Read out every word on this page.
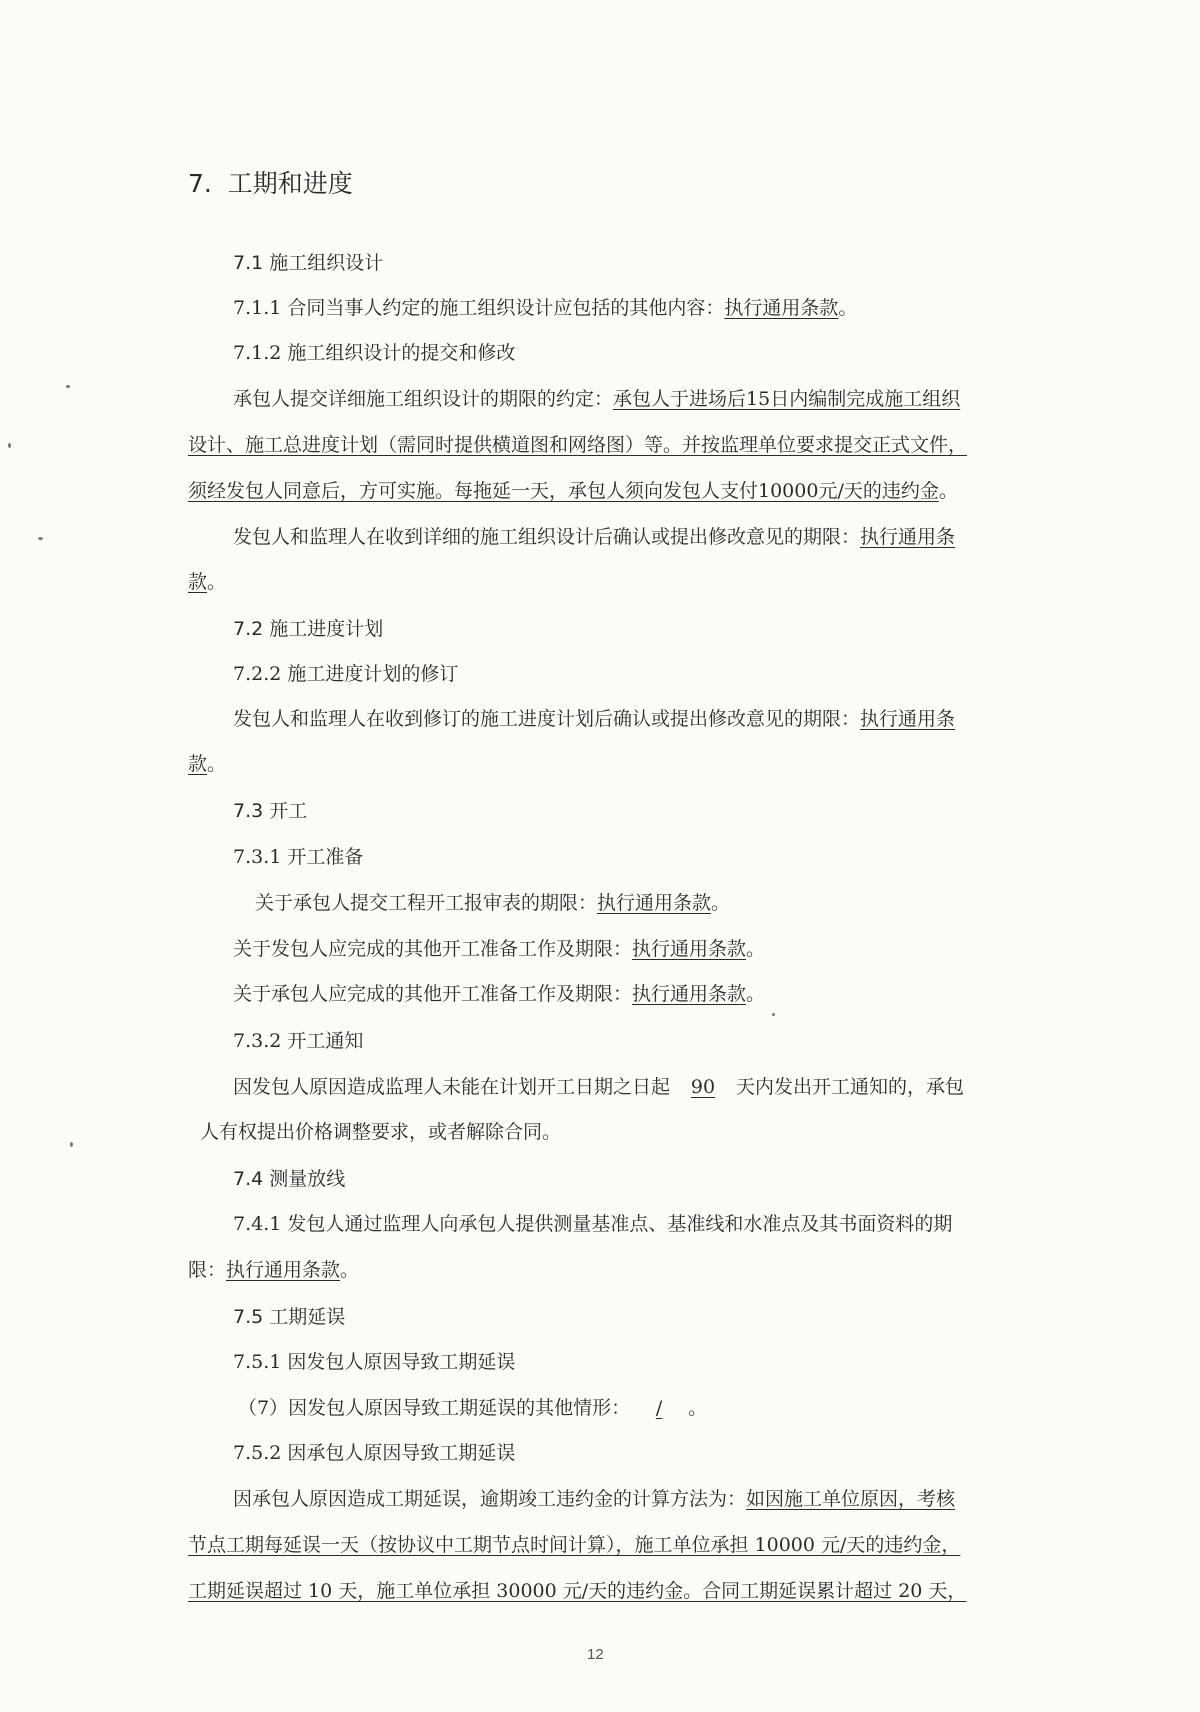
7. 工期和进度
7.1 施工组织设计
7.1.1 合同当事人约定的施工组织设计应包括的其他内容：执行通用条款。
7.1.2 施工组织设计的提交和修改
承包人提交详细施工组织设计的期限的约定：承包人于进场后15日内编制完成施工组织
设计、施工总进度计划（需同时提供横道图和网络图）等。并按监理单位要求提交正式文件，
须经发包人同意后，方可实施。每拖延一天，承包人须向发包人支付10000元/天的违约金。
发包人和监理人在收到详细的施工组织设计后确认或提出修改意见的期限：执行通用条
款。
7.2 施工进度计划
7.2.2 施工进度计划的修订
发包人和监理人在收到修订的施工进度计划后确认或提出修改意见的期限：执行通用条
款。
7.3 开工
7.3.1 开工准备
关于承包人提交工程开工报审表的期限：执行通用条款。
关于发包人应完成的其他开工准备工作及期限：执行通用条款。
关于承包人应完成的其他开工准备工作及期限：执行通用条款。
7.3.2 开工通知
因发包人原因造成监理人未能在计划开工日期之日起 90 天内发出开工通知的，承包
人有权提出价格调整要求，或者解除合同。
7.4 测量放线
7.4.1 发包人通过监理人向承包人提供测量基准点、基准线和水准点及其书面资料的期
限：执行通用条款。
7.5 工期延误
7.5.1 因发包人原因导致工期延误
（7）因发包人原因导致工期延误的其他情形： / 。
7.5.2 因承包人原因导致工期延误
因承包人原因造成工期延误，逾期竣工违约金的计算方法为：如因施工单位原因，考核
节点工期每延误一天（按协议中工期节点时间计算），施工单位承担 10000 元/天的违约金，
工期延误超过 10 天，施工单位承担 30000 元/天的违约金。合同工期延误累计超过 20 天，
12
